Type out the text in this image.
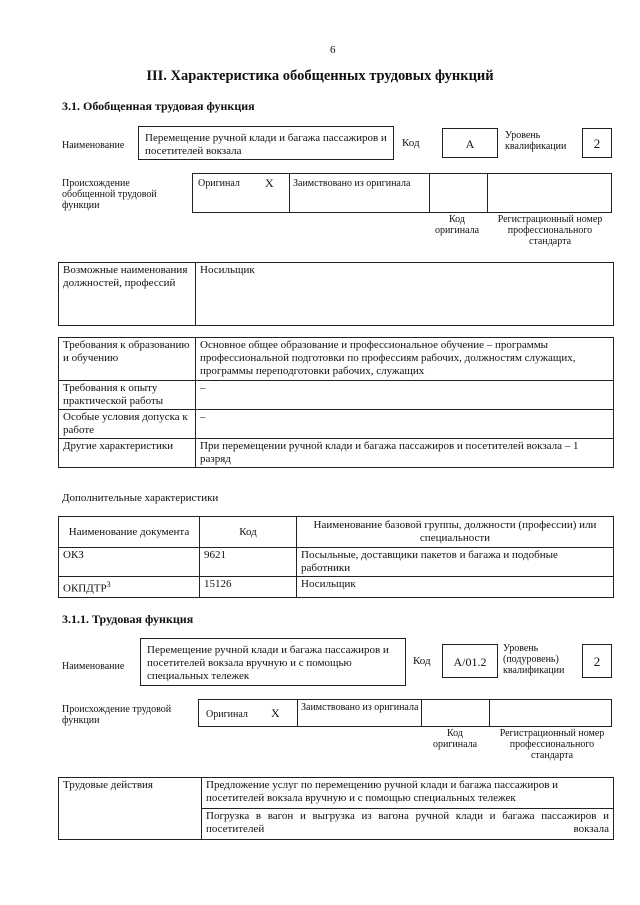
6
III. Характеристика обобщенных трудовых функций
3.1. Обобщенная трудовая функция
Наименование
Перемещение ручной клади и багажа пассажиров и посетителей вокзала
Код	A
Уровень квалификации	2
Происхождение обобщенной трудовой функции
Оригинал X Заимствовано из оригинала
Код оригинала
Регистрационный номер профессионального стандарта
Возможные наименования должностей, профессий	Носильщик
Требования к образованию и обучению	Основное общее образование и профессиональное обучение – программы профессиональной подготовки по профессиям рабочих, должностям служащих, программы переподготовки рабочих, служащих
Требования к опыту практической работы	–
Особые условия допуска к работе	–
Другие характеристики	При перемещении ручной клади и багажа пассажиров и посетителей вокзала – 1 разряд
Дополнительные характеристики
Наименование документа	Код	Наименование базовой группы, должности (профессии) или специальности
ОКЗ	9621	Посыльные, доставщики пакетов и багажа и подобные работники
ОКПДТР$^3$	15126	Носильщик
3.1.1. Трудовая функция
Наименование
Перемещение ручной клади и багажа пассажиров и посетителей вокзала вручную и с помощью специальных тележек
Код	A/01.2
Уровень (подуровень) квалификации
2
Происхождение трудовой функции
Оригинал X Заимствовано из оригинала
Код оригинала
Регистрационный номер профессионального стандарта
Трудовые действия	Предложение услуг по перемещению ручной клади и багажа пассажиров и посетителей вокзала вручную и с помощью специальных тележек
Погрузка в вагон и выгрузка из вагона ручной клади и багажа пассажиров и посетителей вокзала
